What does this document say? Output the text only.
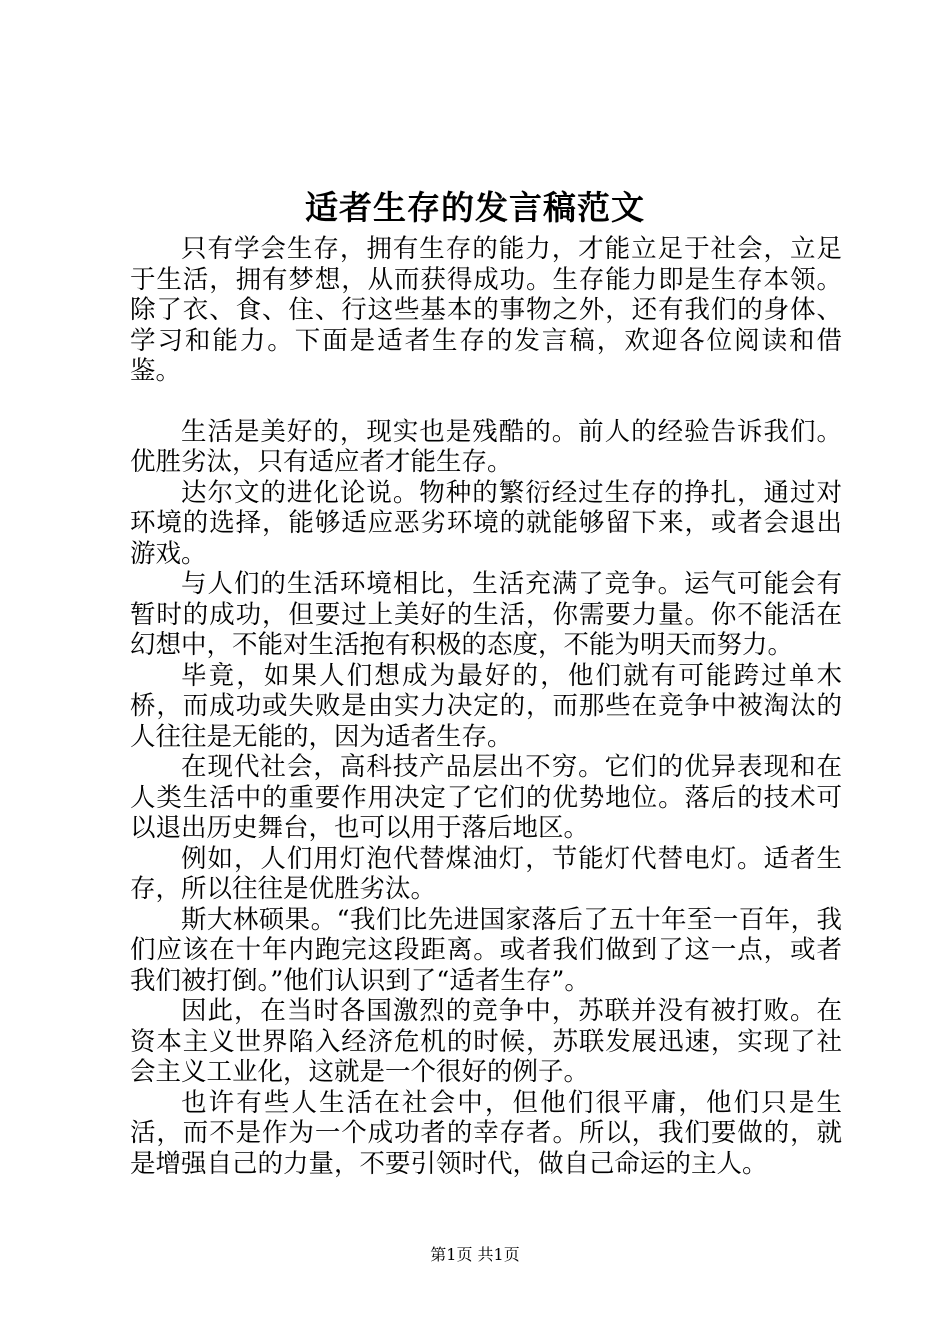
适者生存的发言稿范文

只有学会生存，拥有生存的能力，才能立足于社会，立足于生活，拥有梦想，从而获得成功。生存能力即是生存本领。除了衣、食、住、行这些基本的事物之外，还有我们的身体、学习和能力。下面是适者生存的发言稿，欢迎各位阅读和借鉴。

生活是美好的，现实也是残酷的。前人的经验告诉我们。优胜劣汰，只有适应者才能生存。

达尔文的进化论说。物种的繁衍经过生存的挣扎，通过对环境的选择，能够适应恶劣环境的就能够留下来，或者会退出游戏。

与人们的生活环境相比，生活充满了竞争。运气可能会有暂时的成功，但要过上美好的生活，你需要力量。你不能活在幻想中，不能对生活抱有积极的态度，不能为明天而努力。

毕竟，如果人们想成为最好的，他们就有可能跨过单木桥，而成功或失败是由实力决定的，而那些在竞争中被淘汰的人往往是无能的，因为适者生存。

在现代社会，高科技产品层出不穷。它们的优异表现和在人类生活中的重要作用决定了它们的优势地位。落后的技术可以退出历史舞台，也可以用于落后地区。

例如，人们用灯泡代替煤油灯，节能灯代替电灯。适者生存，所以往往是优胜劣汰。

斯大林硕果。“我们比先进国家落后了五十年至一百年，我们应该在十年内跑完这段距离。或者我们做到了这一点，或者我们被打倒。”他们认识到了“适者生存”。

因此，在当时各国激烈的竞争中，苏联并没有被打败。在资本主义世界陷入经济危机的时候，苏联发展迅速，实现了社会主义工业化，这就是一个很好的例子。

也许有些人生活在社会中，但他们很平庸，他们只是生活，而不是作为一个成功者的幸存者。所以，我们要做的，就是增强自己的力量，不要引领时代，做自己命运的主人。

第1页 共1页
